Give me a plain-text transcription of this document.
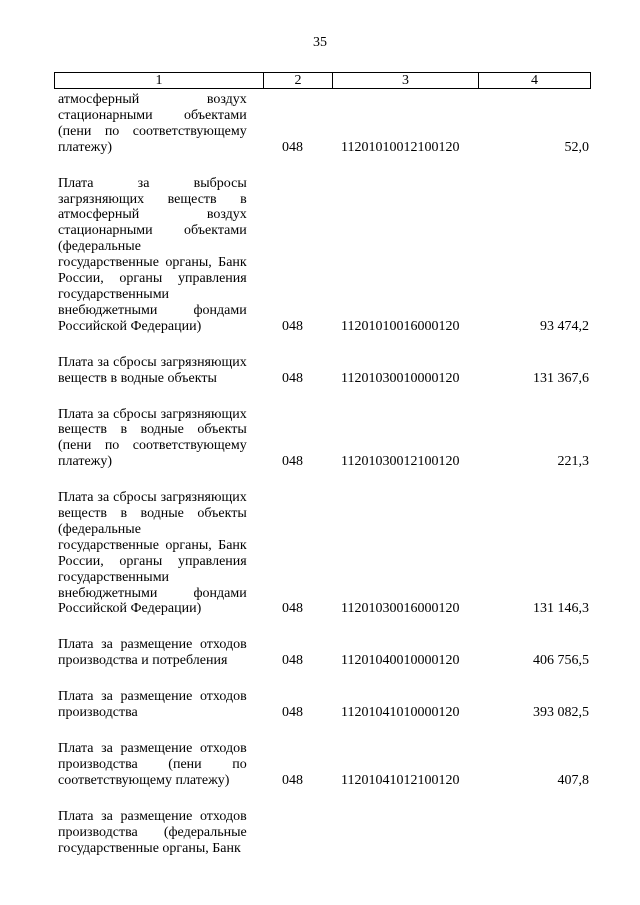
35
1	2	3	4
атмосферный воздух
стационарными объектами
(пени по соответствующему
платежу)	048	11201010012100120	52,0
Плата за выбросы
загрязняющих веществ в
атмосферный воздух
стационарными объектами
(федеральные
государственные органы, Банк
России, органы управления
государственными
внебюджетными фондами
Российской Федерации)	048	11201010016000120	93 474,2
Плата за сбросы загрязняющих
веществ в водные объекты	048	11201030010000120	131 367,6
Плата за сбросы загрязняющих
веществ в водные объекты
(пени по соответствующему
платежу)	048	11201030012100120	221,3
Плата за сбросы загрязняющих
веществ в водные объекты
(федеральные
государственные органы, Банк
России, органы управления
государственными
внебюджетными фондами
Российской Федерации)	048	11201030016000120	131 146,3
Плата за размещение отходов
производства и потребления	048	11201040010000120	406 756,5
Плата за размещение отходов
производства	048	11201041010000120	393 082,5
Плата за размещение отходов
производства (пени по
соответствующему платежу)	048	11201041012100120	407,8
Плата за размещение отходов
производства (федеральные
государственные органы, Банк
